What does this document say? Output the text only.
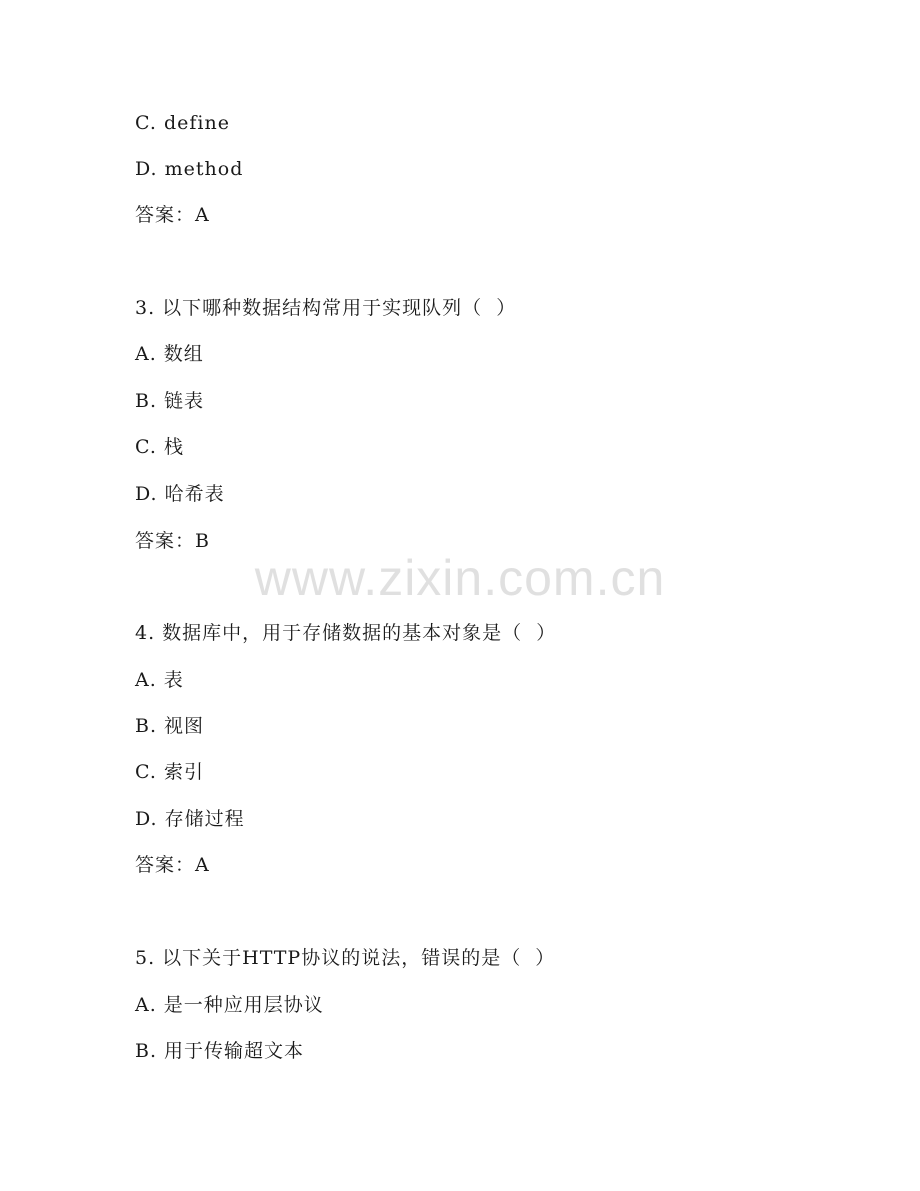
C. define
D. method
答案：A
3. 以下哪种数据结构常用于实现队列（  ）
A. 数组
B. 链表
C. 栈
D. 哈希表
答案：B
4. 数据库中，用于存储数据的基本对象是（  ）
A. 表
B. 视图
C. 索引
D. 存储过程
答案：A
5. 以下关于HTTP协议的说法，错误的是（  ）
A. 是一种应用层协议
B. 用于传输超文本
www.zixin.com.cn
